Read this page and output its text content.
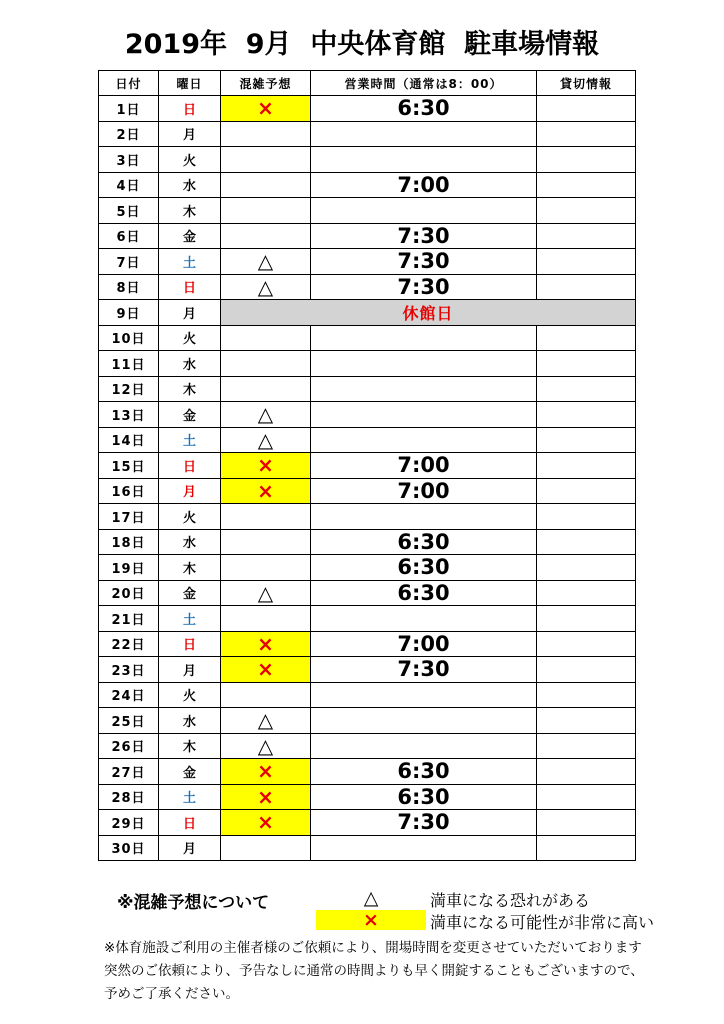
2019年  9月  中央体育館  駐車場情報
日付	曜日	混雑予想	営業時間（通常は8：00）	貸切情報
1日	日	×	6:30	
2日	月			
3日	火			
4日	水		7:00	
5日	木			
6日	金		7:30	
7日	土	△	7:30	
8日	日	△	7:30	
9日	月	休館日		
10日	火			
11日	水			
12日	木			
13日	金	△		
14日	土	△		
15日	日	×	7:00	
16日	月	×	7:00	
17日	火			
18日	水		6:30	
19日	木		6:30	
20日	金	△	6:30	
21日	土			
22日	日	×	7:00	
23日	月	×	7:30	
24日	火			
25日	水	△		
26日	木	△		
27日	金	×	6:30	
28日	土	×	6:30	
29日	日	×	7:30	
30日	月			
※混雑予想について	△	満車になる恐れがある
×	満車になる可能性が非常に高い
※体育施設ご利用の主催者様のご依頼により、開場時間を変更させていただいております
突然のご依頼により、予告なしに通常の時間よりも早く開錠することもございますので、
予めご了承ください。
